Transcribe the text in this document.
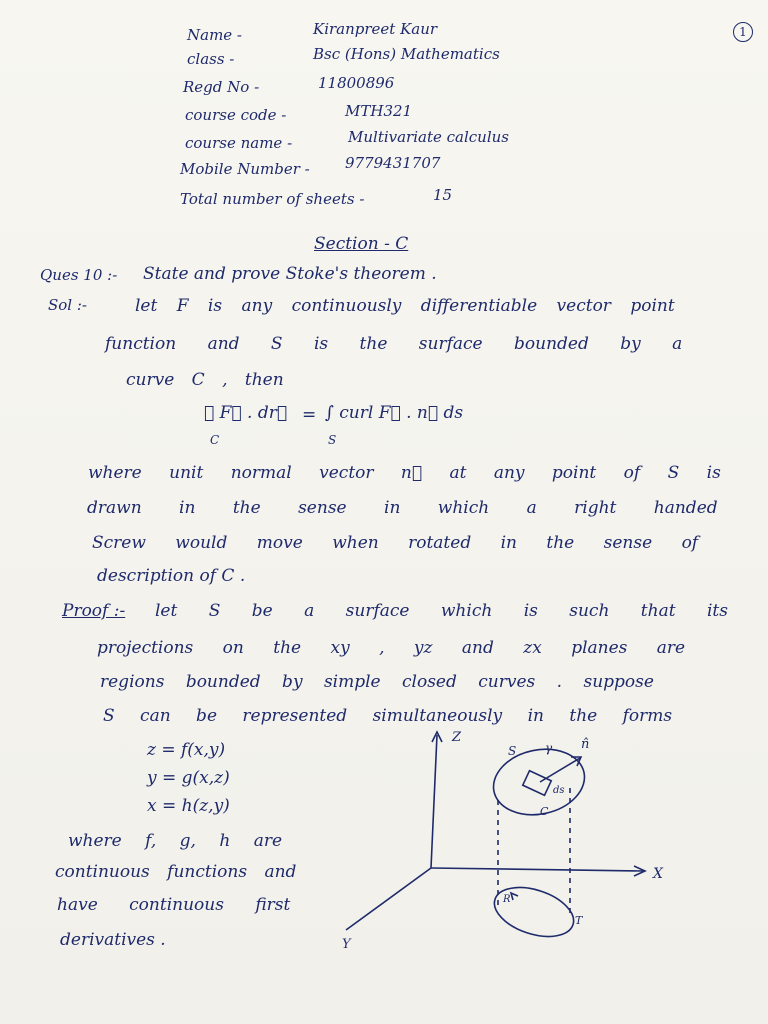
1
Name -	Kiranpreet Kaur
class -	Bsc (Hons) Mathematics
Regd No -	11800896
course code -	MTH321
course name -	Multivariate calculus
Mobile Number - 9779431707
Total number of sheets -	15
Section - C
Ques 10 :- State and prove Stoke's theorem .
Sol :-	let F is any continuously differentiable vector point
function and S is the surface bounded by a
curve C , then
∮ F⃗ . dr⃗ = ∫ curl F⃗ . n⃗ ds
C	S
where unit normal vector n⃗ at any point of S is
drawn in the sense in which a right handed
Screw would move when rotated in the sense of
description of C .
Proof :- let S be a surface which is such that its
projections on the xy , yz and zx planes are
regions bounded by simple closed curves . suppose
S can be represented simultaneously in the forms
z = f(x,y)
y = g(x,z)
x = h(z,y)
where f, g, h are
continuous functions and
have continuous first
derivatives .
Z
X
Y
S γ n̂
ds
C
R
T
